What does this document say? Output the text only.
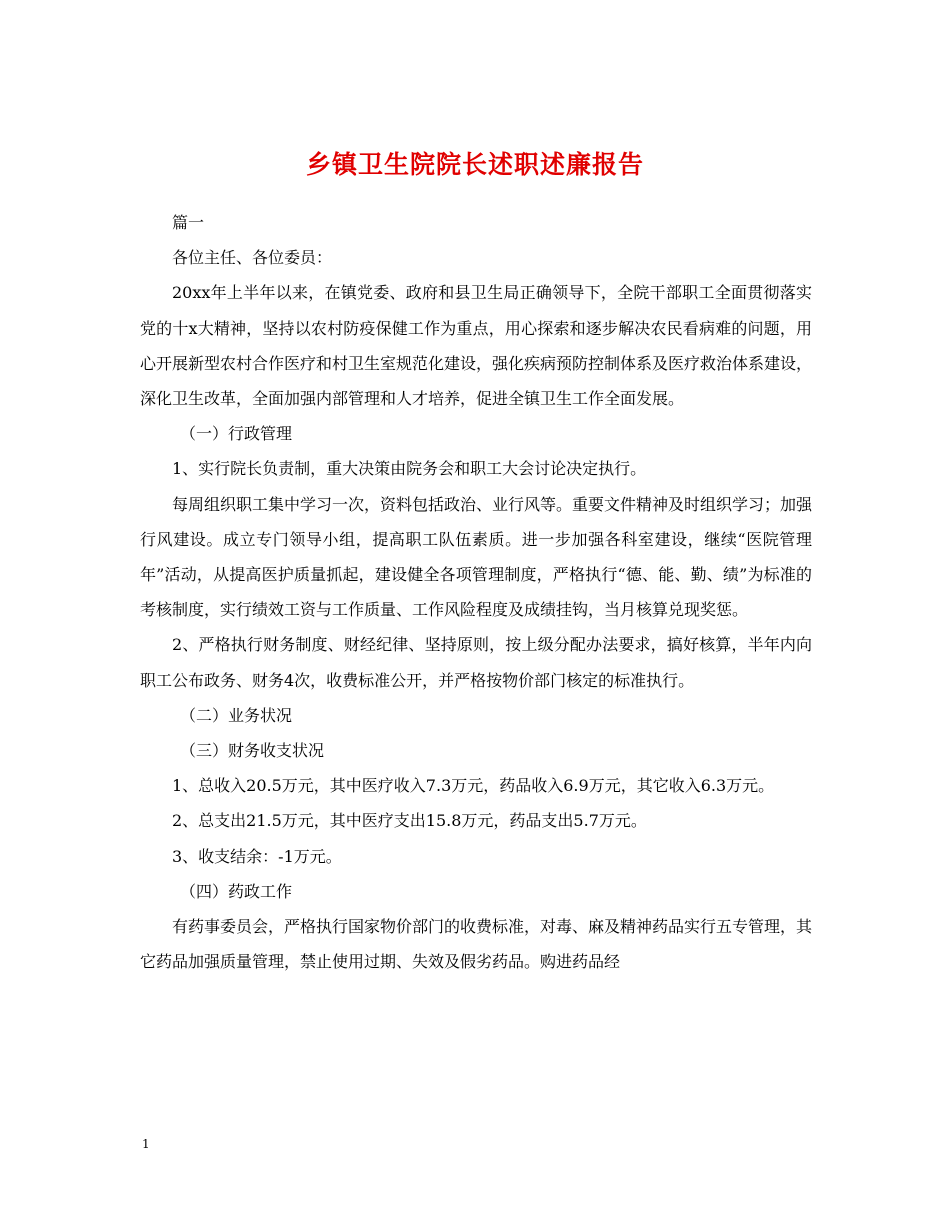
乡镇卫生院院长述职述廉报告

篇一

各位主任、各位委员：

20xx年上半年以来，在镇党委、政府和县卫生局正确领导下，全院干部职工全面贯彻落实党的十x大精神，坚持以农村防疫保健工作为重点，用心探索和逐步解决农民看病难的问题，用心开展新型农村合作医疗和村卫生室规范化建设，强化疾病预防控制体系及医疗救治体系建设，深化卫生改革，全面加强内部管理和人才培养，促进全镇卫生工作全面发展。

（一）行政管理

1、实行院长负责制，重大决策由院务会和职工大会讨论决定执行。

每周组织职工集中学习一次，资料包括政治、业行风等。重要文件精神及时组织学习；加强行风建设。成立专门领导小组，提高职工队伍素质。进一步加强各科室建设，继续“医院管理年”活动，从提高医护质量抓起，建设健全各项管理制度，严格执行“德、能、勤、绩”为标准的考核制度，实行绩效工资与工作质量、工作风险程度及成绩挂钩，当月核算兑现奖惩。

2、严格执行财务制度、财经纪律、坚持原则，按上级分配办法要求，搞好核算，半年内向职工公布政务、财务4次，收费标准公开，并严格按物价部门核定的标准执行。

（二）业务状况

（三）财务收支状况

1、总收入20.5万元，其中医疗收入7.3万元，药品收入6.9万元，其它收入6.3万元。

2、总支出21.5万元，其中医疗支出15.8万元，药品支出5.7万元。

3、收支结余：-1万元。

（四）药政工作

有药事委员会，严格执行国家物价部门的收费标准，对毒、麻及精神药品实行五专管理，其它药品加强质量管理，禁止使用过期、失效及假劣药品。购进药品经

1
